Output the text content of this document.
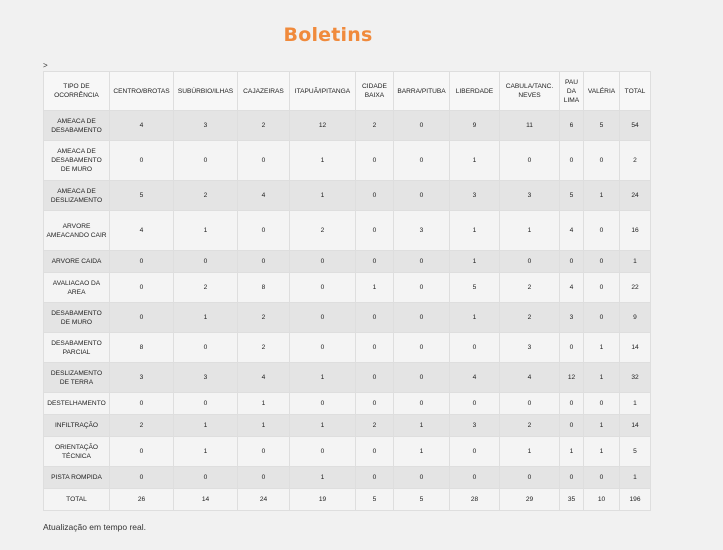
Boletins
>
TIPO DE OCORRÊNCIA	CENTRO/BROTAS	SUBÚRBIO/ILHAS	CAJAZEIRAS	ITAPUÃ/IPITANGA	CIDADE BAIXA	BARRA/PITUBA	LIBERDADE	CABULA/TANC. NEVES	PAU DA LIMA	VALÉRIA	TOTAL
AMEACA DE DESABAMENTO	4	3	2	12	2	0	9	11	6	5	54
AMEACA DE DESABAMENTO DE MURO	0	0	0	1	0	0	1	0	0	0	2
AMEACA DE DESLIZAMENTO	5	2	4	1	0	0	3	3	5	1	24
ARVORE AMEACANDO CAIR	4	1	0	2	0	3	1	1	4	0	16
ARVORE CAIDA	0	0	0	0	0	0	1	0	0	0	1
AVALIACAO DA AREA	0	2	8	0	1	0	5	2	4	0	22
DESABAMENTO DE MURO	0	1	2	0	0	0	1	2	3	0	9
DESABAMENTO PARCIAL	8	0	2	0	0	0	0	3	0	1	14
DESLIZAMENTO DE TERRA	3	3	4	1	0	0	4	4	12	1	32
DESTELHAMENTO	0	0	1	0	0	0	0	0	0	0	1
INFILTRAÇÃO	2	1	1	1	2	1	3	2	0	1	14
ORIENTAÇÃO TÉCNICA	0	1	0	0	0	1	0	1	1	1	5
PISTA ROMPIDA	0	0	0	1	0	0	0	0	0	0	1
TOTAL	26	14	24	19	5	5	28	29	35	10	196
Atualização em tempo real.
